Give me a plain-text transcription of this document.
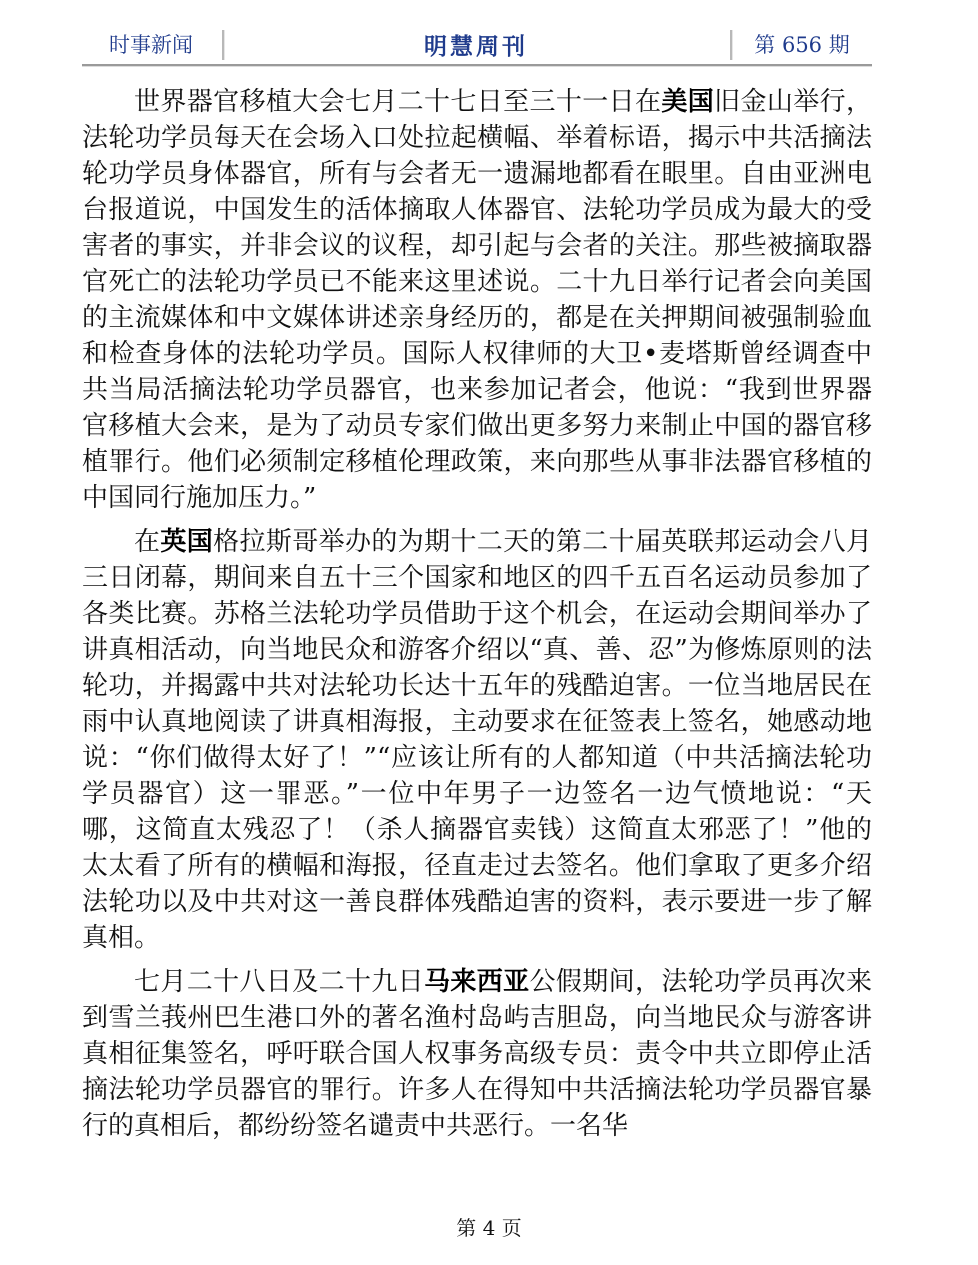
时事新闻	明慧周刊	第 656 期

世界器官移植大会七月二十七日至三十一日在美国旧金山举行，法轮功学员每天在会场入口处拉起横幅、举着标语，揭示中共活摘法轮功学员身体器官，所有与会者无一遗漏地都看在眼里。自由亚洲电台报道说，中国发生的活体摘取人体器官、法轮功学员成为最大的受害者的事实，并非会议的议程，却引起与会者的关注。那些被摘取器官死亡的法轮功学员已不能来这里述说。二十九日举行记者会向美国的主流媒体和中文媒体讲述亲身经历的，都是在关押期间被强制验血和检查身体的法轮功学员。国际人权律师的大卫•麦塔斯曾经调查中共当局活摘法轮功学员器官，也来参加记者会，他说：“我到世界器官移植大会来，是为了动员专家们做出更多努力来制止中国的器官移植罪行。他们必须制定移植伦理政策，来向那些从事非法器官移植的中国同行施加压力。”

在英国格拉斯哥举办的为期十二天的第二十届英联邦运动会八月三日闭幕，期间来自五十三个国家和地区的四千五百名运动员参加了各类比赛。苏格兰法轮功学员借助于这个机会，在运动会期间举办了讲真相活动，向当地民众和游客介绍以“真、善、忍”为修炼原则的法轮功，并揭露中共对法轮功长达十五年的残酷迫害。一位当地居民在雨中认真地阅读了讲真相海报，主动要求在征签表上签名，她感动地说：“你们做得太好了！”“应该让所有的人都知道（中共活摘法轮功学员器官）这一罪恶。”一位中年男子一边签名一边气愤地说：“天哪，这简直太残忍了！（杀人摘器官卖钱）这简直太邪恶了！”他的太太看了所有的横幅和海报，径直走过去签名。他们拿取了更多介绍法轮功以及中共对这一善良群体残酷迫害的资料，表示要进一步了解真相。

七月二十八日及二十九日马来西亚公假期间，法轮功学员再次来到雪兰莪州巴生港口外的著名渔村岛屿吉胆岛，向当地民众与游客讲真相征集签名，呼吁联合国人权事务高级专员：责令中共立即停止活摘法轮功学员器官的罪行。许多人在得知中共活摘法轮功学员器官暴行的真相后，都纷纷签名谴责中共恶行。一名华

第 4 页
